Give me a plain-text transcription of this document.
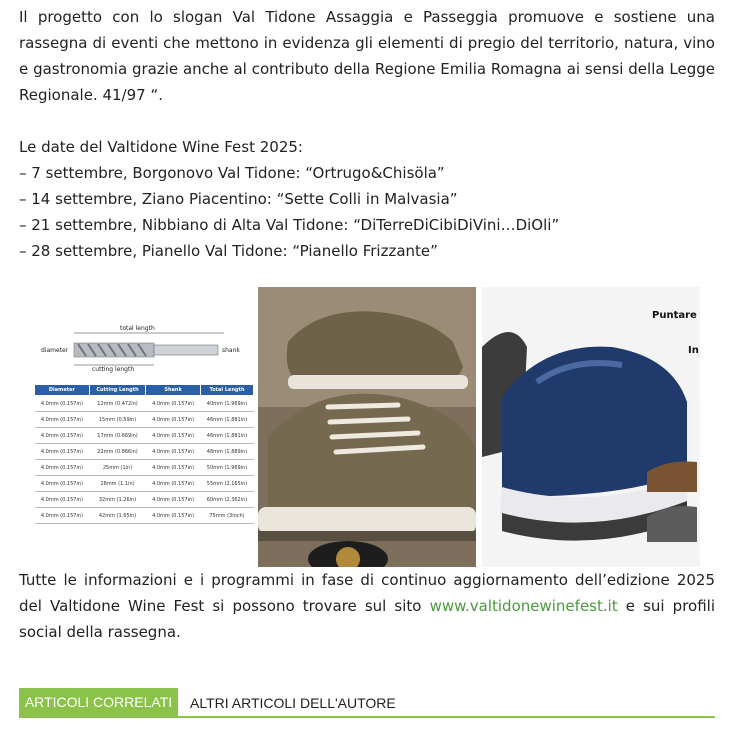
Il progetto con lo slogan Val Tidone Assaggia e Passeggia promuove e sostiene una rassegna di eventi che mettono in evidenza gli elementi di pregio del territorio, natura, vino e gastronomia grazie anche al contributo della Regione Emilia Romagna ai sensi della Legge Regionale. 41/97 “.

Le date del Valtidone Wine Fest 2025:

– 7 settembre, Borgonovo Val Tidone: “Ortrugo&Chisöla”
– 14 settembre, Ziano Piacentino: “Sette Colli in Malvasia”
– 21 settembre, Nibbiano di Alta Val Tidone: “DiTerreDiCibiDiVini…DiOli”
– 28 settembre, Pianello Val Tidone: “Pianello Frizzante”
total length
diameter	shank
cutting length
Diameter	Cutting Length	Shank	Total Length
4.0mm (0.157in)	12mm (0.472in)	4.0mm (0.157in)	40mm (1.969in)
4.0mm (0.157in)	15mm (0.59in)	4.0mm (0.157in)	46mm (1.881in)
4.0mm (0.157in)	17mm (0.669in)	4.0mm (0.157in)	46mm (1.881in)
4.0mm (0.157in)	22mm (0.866in)	4.0mm (0.157in)	48mm (1.889in)
4.0mm (0.157in)	25mm (1in)	4.0mm (0.157in)	50mm (1.969in)
4.0mm (0.157in)	28mm (1.1in)	4.0mm (0.157in)	55mm (2.165in)
4.0mm (0.157in)	32mm (1.26in)	4.0mm (0.157in)	60mm (2.362in)
4.0mm (0.157in)	42mm (1.65in)	4.0mm (0.157in)	75mm (3inch)
Puntare
In

Tutte le informazioni e i programmi in fase di continuo aggiornamento dell’edizione 2025 del Valtidone Wine Fest si possono trovare sul sito www.valtidonewinefest.it e sui profili social della rassegna.

ARTICOLI CORRELATI	ALTRI ARTICOLI DELL'AUTORE
